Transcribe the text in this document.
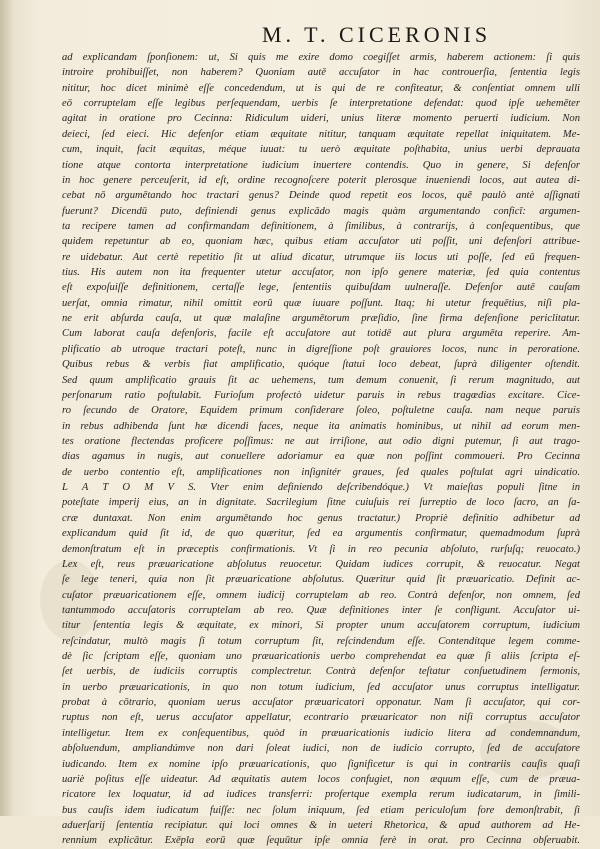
M. T. CICERONIS
ad explicandam ſponſionem: ut, Si quis me exire domo coegiſſet armis, haberem actionem: ſi quis
introire prohibuiſſet, non haberem? Quoniam autē accuſator in hac controuerſia, ſententia legis
nititur, hoc dicet minimè eſſe concedendum, ut is qui de re confiteatur, & conſentiat omnem ulli
eō corruptelam eſſe legibus perſequendam, uerbis ſe interpretatione defendat: quod ipſe uehemēter
agitat in oratione pro Cecinna: Ridiculum uideri, unius literæ momento peruerti iudicium. Non
deieci, ſed eieci. Hic defenſor etiam æquitate nititur, tanquam æquitate repellat iniquitatem. Me-
cum, inquit, facit æquitas, méque iuuat: tu uerò æquitate poſthabita, unius uerbi deprauata
tione atque contorta interpretatione iudicium inuertere contendis. Quo in genere, Si defenſor
in hoc genere perceuſerit, id eſt, ordine recognoſcere poterit plerosque inueniendi locos, aut autea di-
cebat nō argumētando hoc tractari genus? Deinde quod repetit eos locos, quē paulò antè aſſignati
fuerunt? Dicendū puto, definiendi genus explicādo magis quàm argumentando conficī: argumen-
ta recipere tamen ad confirmandam definitionem, à ſimilibus, à contrarijs, à conſequentibus, que
quidem repetuntur ab eo, quoniam hæc, quibus etiam accuſator uti poſſit, uni defenſori attribue-
re uidebatur. Aut certè repetitio ſit ut aliud dicatur, utrumque iis locus uti poſſe, ſed eū frequen-
tius. His autem non ita frequenter utetur accuſator, non ipſo genere materiæ, ſed quia contentus
eſt expoſuiſſe definitionem, certaſſe lege, ſententiis quibuſdam uulneraſſe. Defenſor autē cauſam
uerſat, omnia rimatur, nihil omittit eorū quæ iuuare poſſunt. Itaq; hi utetur frequētius, niſi pla-
ne erit abſurda cauſa, ut quæ malaſine argumētorum præſidio, ſine firma defenſione periclitatur.
Cum laborat cauſa defenſoris, facile eſt accuſatore aut totidē aut plura argumēta reperire. Am-
plificatio ab utroque tractari poteſt, nunc in digreſſione poſt grauiores locos, nunc in peroratione.
Quibus rebus & verbis fiat amplificatio, quóque ſtatui loco debeat, ſuprà diligenter oſtendit.
Sed quum amplificatio grauis ſit ac uehemens, tum demum conuenit, ſi rerum magnitudo, aut
perſonarum ratio poſtulabit. Furioſum profectò uidetur paruis in rebus tragœdias excitare. Cice-
ro ſecundo de Oratore, Equidem primum conſiderare ſoleo, poſtuletne cauſa. nam neque paruis
in rebus adhibenda ſunt hæ dicendi faces, neque ita animatis hominibus, ut nihil ad eorum men-
tes oratione flectendas proficere poſſimus: ne aut irriſione, aut odio digni putemur, ſi aut trago-
dias agamus in nugis, aut conuellere adoriamur ea quæ non poſſint commoueri. Pro Cecinna
de uerbo contentio eſt, amplificationes non inſignitér graues, ſed quales poſtulat agri uindicatio.
L A T O M V S. Vter enim definiendo deſcribendóque.) Vt maieſtas populi ſitne in
poteſtate imperij eius, an in dignitate. Sacrilegium ſitne cuiuſuis rei ſurreptio de loco ſacro, an ſa-
cræ duntaxat. Non enim argumētando hoc genus tractatur.) Propriè definitio adhibetur ad
explicandum quid ſit id, de quo quæritur, ſed ea argumentis confirmatur, quemadmodum ſuprà
demonſtratum eſt in præceptis confirmationis. Vt ſi in reo pecunia abſoluto, rurſuſq; reuocato.)
Lex eſt, reus præuaricatione abſolutus reuocetur. Quidam iudices corrupit, & reuocatur. Negat
ſe lege teneri, quia non ſit præuaricatione abſolutus. Quæritur quid ſit præuaricatio. Definit ac-
cuſator præuaricationem eſſe, omnem iudicij corruptelam ab reo. Contrà defenſor, non omnem, ſed
tantummodo accuſatoris corruptelam ab reo. Quæ definitiones inter ſe confligunt. Accuſator ui-
titur ſententia legis & æquitate, ex minori, Si propter unum accuſatorem corruptum, iudicium
reſcindatur, multò magis ſi totum corruptum ſit, reſcindendum eſſe. Contendítque legem comme-
dè ſic ſcriptam eſſe, quoniam uno præuaricationis uerbo comprehendat ea quæ ſi aliis ſcripta eſ-
ſet uerbis, de iudiciis corruptis complectretur. Contrà defenſor teſtatur conſuetudinem ſermonis,
in uerbo præuaricationis, in quo non totum iudicium, ſed accuſator unus corruptus intelligatur.
probat à cōtrario, quoniam uerus accuſator præuaricatori opponatur. Nam ſi accuſator, qui cor-
ruptus non eſt, uerus accuſator appellatur, econtrario præuaricator non niſi corruptus accuſator
intelligetur. Item ex conſequentibus, quòd in præuaricationis iudicio litera ad condemnandum,
abſoluendum, ampliandúmve non dari ſoleat iudici, non de iudicio corrupto, ſed de accuſatore
iudicando. Item ex nomine ipſo præuaricationis, quo ſignificetur is qui in contrariis cauſis quaſi
uariè poſitus eſſe uideatur. Ad æquitatis autem locos confugiet, non æquum eſſe, cum de præua-
ricatore lex loquatur, id ad iudices transferri: profertque exempla rerum iudicatarum, in ſimili-
bus cauſis idem iudicatum fuiſſe: nec ſolum iniquum, ſed etiam periculoſum fore demonſtrabit, ſi
aduerſarij ſententia recipiatur. qui loci omnes & in ueteri Rhetorica, & apud authorem ad He-
rennium explicātur. Exēpla eorū quæ ſequūtur ipſe omnia ferè in orat. pro Cecinna obſeruabit.
